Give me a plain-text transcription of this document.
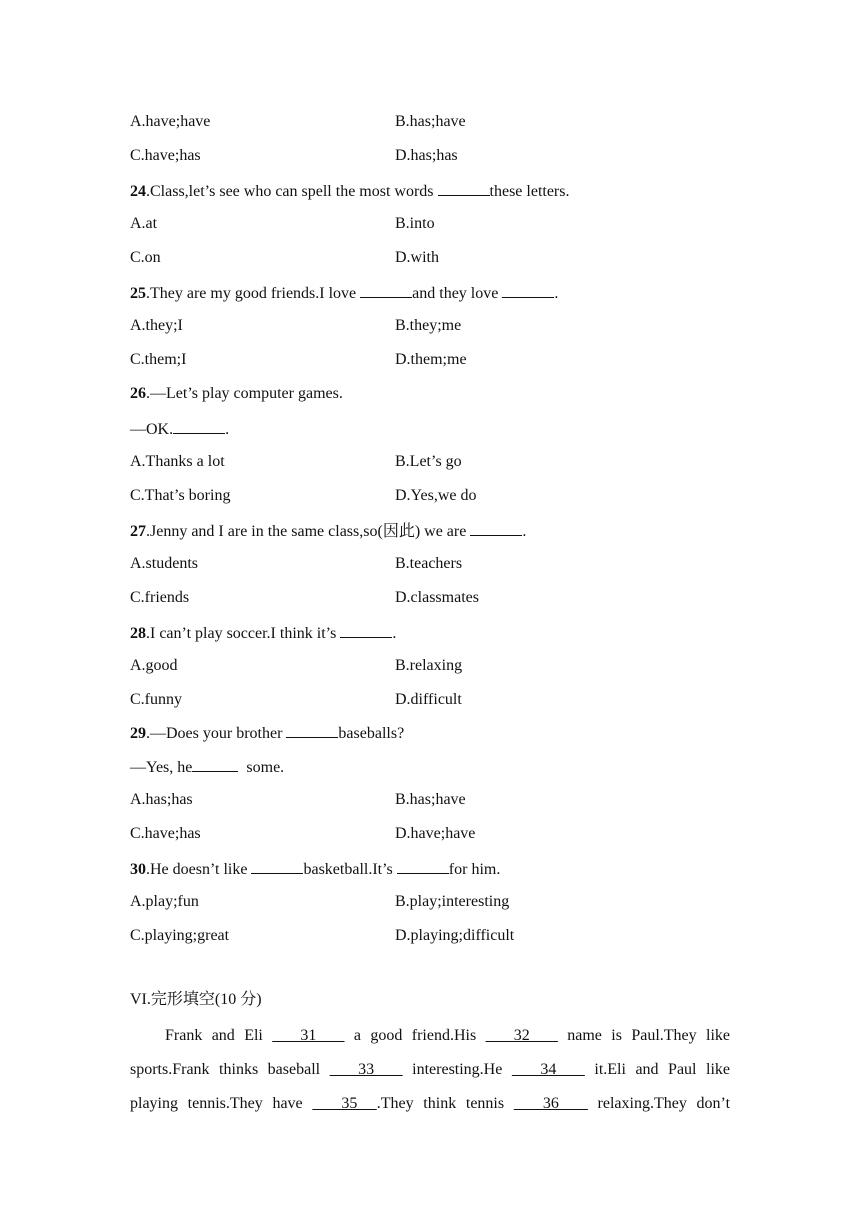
A.have;have	B.has;have
C.have;has	D.has;has
24.Class,let’s see who can spell the most words	these letters.
A.at	B.into
C.on	D.with
25.They are my good friends.I love	and they love	.
A.they;I	B.they;me
C.them;I	D.them;me
26.—Let’s play computer games.
—OK.	.
A.Thanks a lot	B.Let’s go
C.That’s boring	D.Yes,we do
27.Jenny and I are in the same class,so(因此) we are	.
A.students	B.teachers
C.friends	D.classmates
28.I can’t play soccer.I think it’s	.
A.good	B.relaxing
C.funny	D.difficult
29.—Does your brother	baseballs?
—Yes, he	some.
A.has;has	B.has;have
C.have;has	D.have;have
30.He doesn’t like	basketball.It’s	for him.
A.play;fun	B.play;interesting
C.playing;great	D.playing;difficult
VI.完形填空(10 分)
Frank and Eli    31    a good friend.His    32    name is Paul.They like
sports.Frank thinks baseball    33    interesting.He    34    it.Eli and Paul like
playing tennis.They have    35  .They think tennis    36    relaxing.They don’t
